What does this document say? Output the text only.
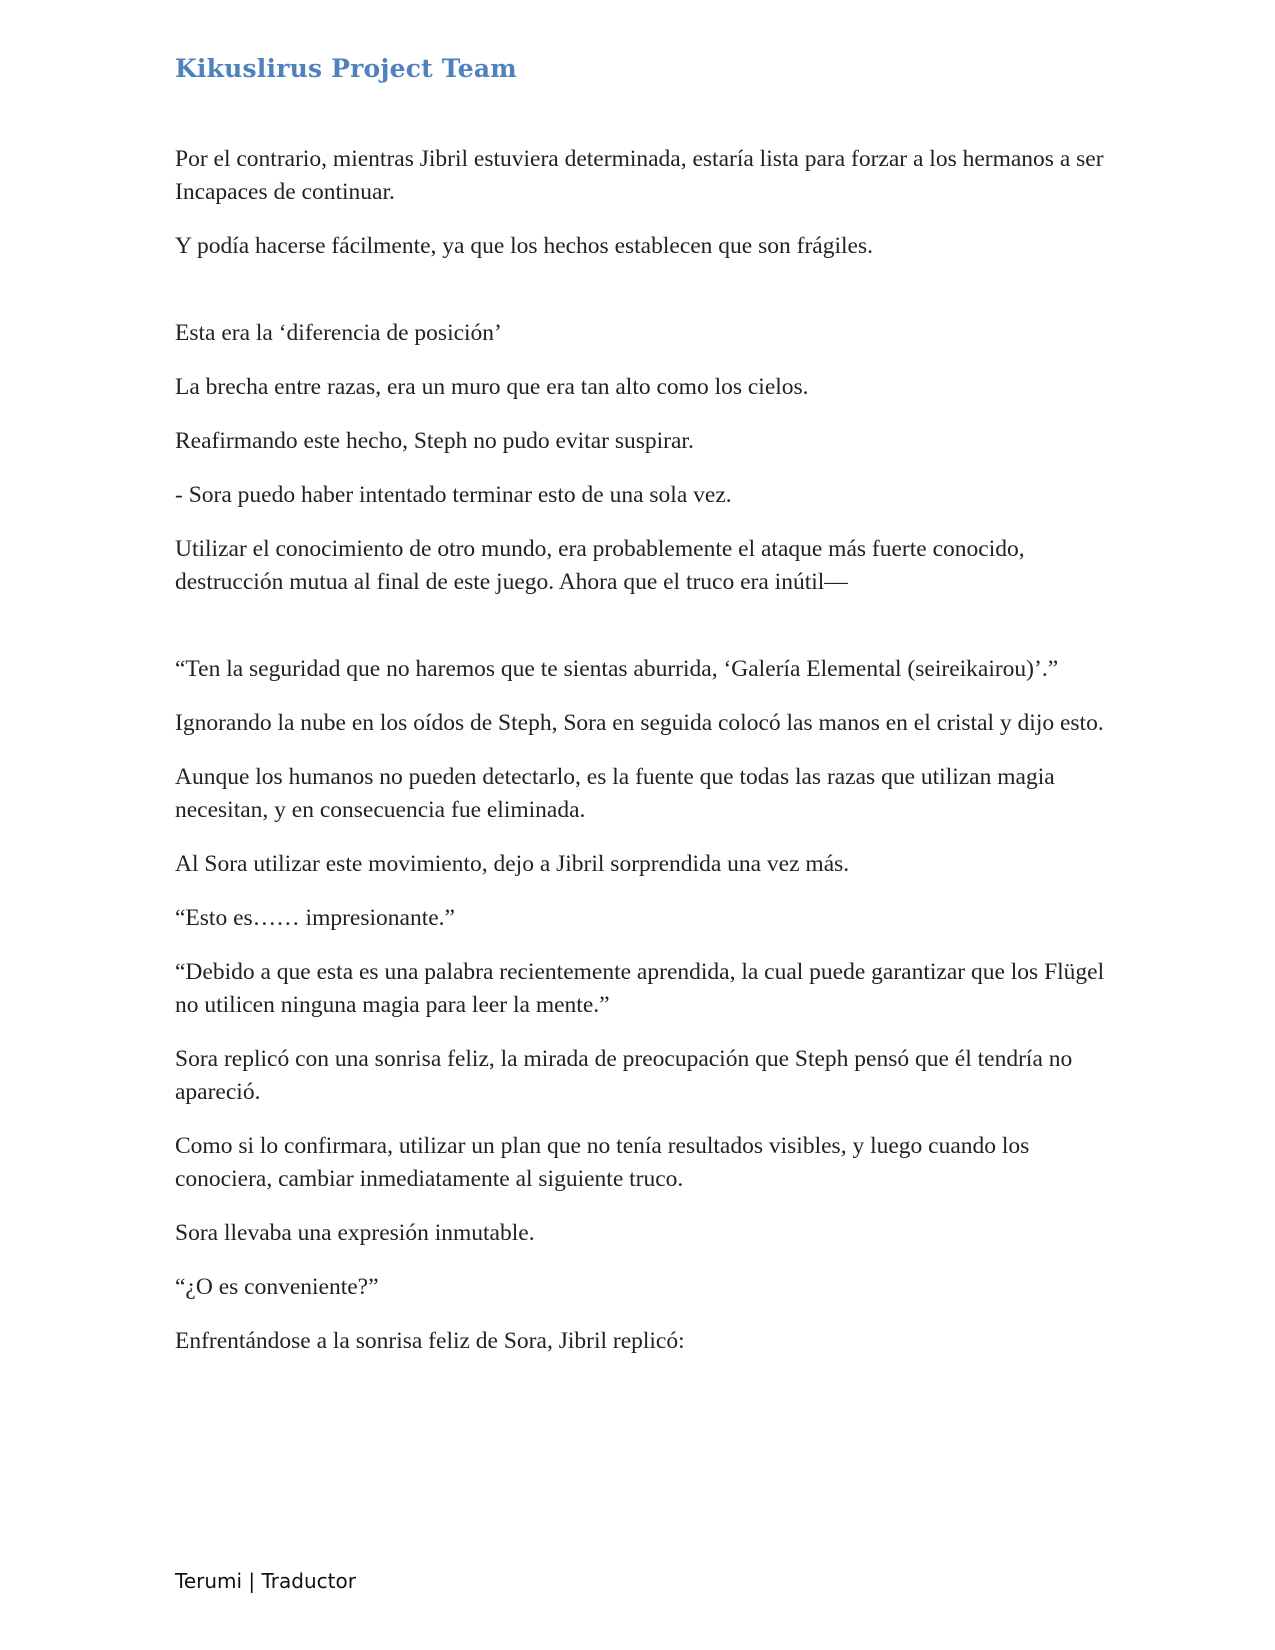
Kikuslirus Project Team

Por el contrario, mientras Jibril estuviera determinada, estaría lista para forzar a los hermanos a ser Incapaces de continuar.

Y podía hacerse fácilmente, ya que los hechos establecen que son frágiles.

Esta era la ‘diferencia de posición’

La brecha entre razas, era un muro que era tan alto como los cielos.

Reafirmando este hecho, Steph no pudo evitar suspirar.

- Sora puedo haber intentado terminar esto de una sola vez.

Utilizar el conocimiento de otro mundo, era probablemente el ataque más fuerte conocido, destrucción mutua al final de este juego. Ahora que el truco era inútil—

“Ten la seguridad que no haremos que te sientas aburrida, ‘Galería Elemental (seireikairou)’.”

Ignorando la nube en los oídos de Steph, Sora en seguida colocó las manos en el cristal y dijo esto.

Aunque los humanos no pueden detectarlo, es la fuente que todas las razas que utilizan magia necesitan, y en consecuencia fue eliminada.

Al Sora utilizar este movimiento, dejo a Jibril sorprendida una vez más.

“Esto es…… impresionante.”

“Debido a que esta es una palabra recientemente aprendida, la cual puede garantizar que los Flügel no utilicen ninguna magia para leer la mente.”

Sora replicó con una sonrisa feliz, la mirada de preocupación que Steph pensó que él tendría no apareció.

Como si lo confirmara, utilizar un plan que no tenía resultados visibles, y luego cuando los conociera, cambiar inmediatamente al siguiente truco.

Sora llevaba una expresión inmutable.

“¿O es conveniente?”

Enfrentándose a la sonrisa feliz de Sora, Jibril replicó:

Terumi | Traductor
